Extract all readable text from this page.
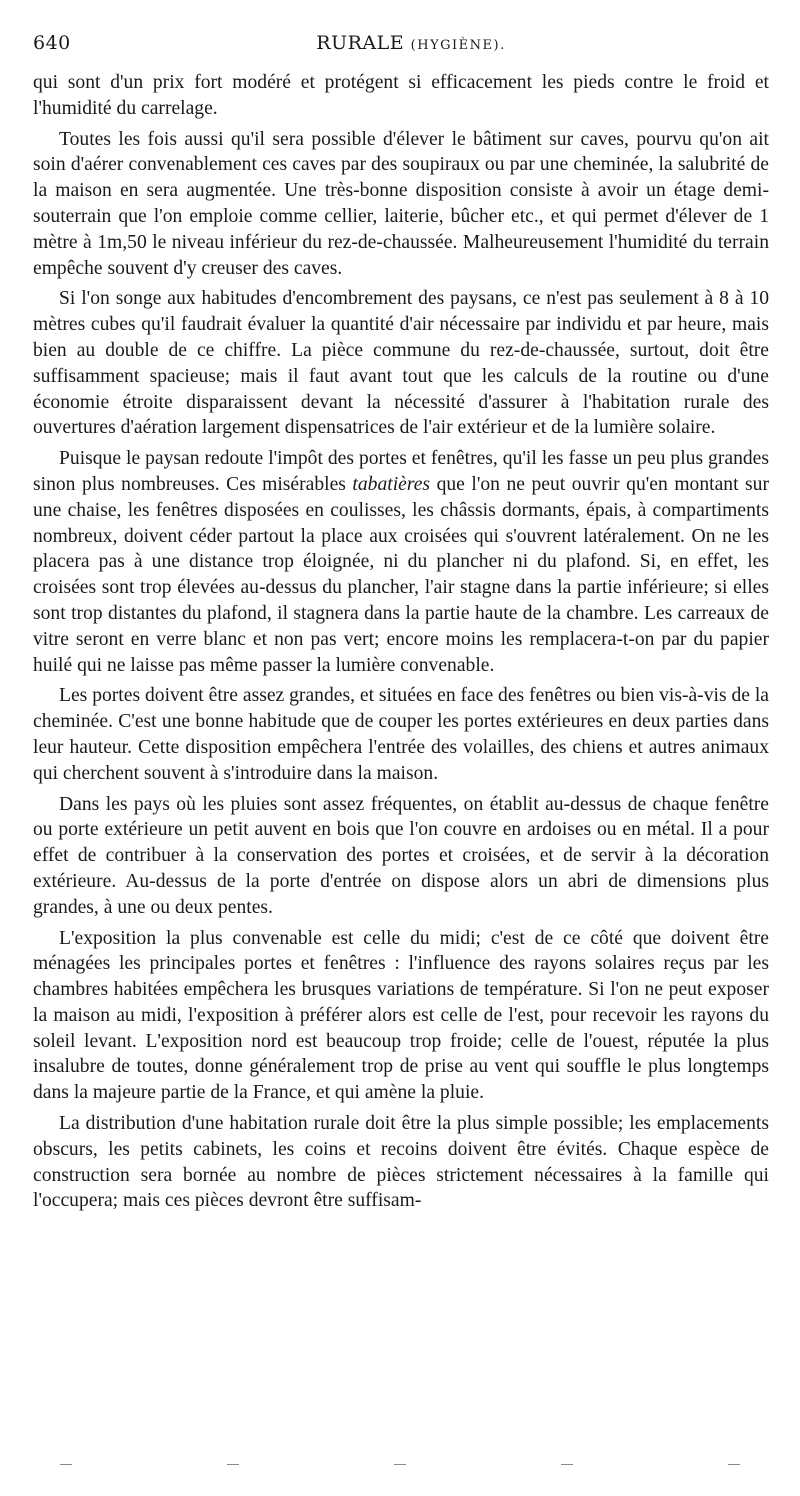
640	RURALE (HYGIÈNE).

qui sont d'un prix fort modéré et protégent si efficacement les pieds contre le froid et l'humidité du carrelage.

Toutes les fois aussi qu'il sera possible d'élever le bâtiment sur caves, pourvu qu'on ait soin d'aérer convenablement ces caves par des soupiraux ou par une cheminée, la salubrité de la maison en sera augmentée. Une très-bonne disposition consiste à avoir un étage demi-souterrain que l'on emploie comme cellier, laiterie, bûcher etc., et qui permet d'élever de 1 mètre à 1m,50 le niveau inférieur du rez-de-chaussée. Malheureusement l'humidité du terrain empêche souvent d'y creuser des caves.

Si l'on songe aux habitudes d'encombrement des paysans, ce n'est pas seulement à 8 à 10 mètres cubes qu'il faudrait évaluer la quantité d'air nécessaire par individu et par heure, mais bien au double de ce chiffre. La pièce commune du rez-de-chaussée, surtout, doit être suffisamment spacieuse; mais il faut avant tout que les calculs de la routine ou d'une économie étroite disparaissent devant la nécessité d'assurer à l'habitation rurale des ouvertures d'aération largement dispensatrices de l'air extérieur et de la lumière solaire.

Puisque le paysan redoute l'impôt des portes et fenêtres, qu'il les fasse un peu plus grandes sinon plus nombreuses. Ces misérables tabatières que l'on ne peut ouvrir qu'en montant sur une chaise, les fenêtres disposées en coulisses, les châssis dormants, épais, à compartiments nombreux, doivent céder partout la place aux croisées qui s'ouvrent latéralement. On ne les placera pas à une distance trop éloignée, ni du plancher ni du plafond. Si, en effet, les croisées sont trop élevées au-dessus du plancher, l'air stagne dans la partie inférieure; si elles sont trop distantes du plafond, il stagnera dans la partie haute de la chambre. Les carreaux de vitre seront en verre blanc et non pas vert; encore moins les remplacera-t-on par du papier huilé qui ne laisse pas même passer la lumière convenable.

Les portes doivent être assez grandes, et situées en face des fenêtres ou bien vis-à-vis de la cheminée. C'est une bonne habitude que de couper les portes extérieures en deux parties dans leur hauteur. Cette disposition empêchera l'entrée des volailles, des chiens et autres animaux qui cherchent souvent à s'introduire dans la maison.

Dans les pays où les pluies sont assez fréquentes, on établit au-dessus de chaque fenêtre ou porte extérieure un petit auvent en bois que l'on couvre en ardoises ou en métal. Il a pour effet de contribuer à la conservation des portes et croisées, et de servir à la décoration extérieure. Au-dessus de la porte d'entrée on dispose alors un abri de dimensions plus grandes, à une ou deux pentes.

L'exposition la plus convenable est celle du midi; c'est de ce côté que doivent être ménagées les principales portes et fenêtres : l'influence des rayons solaires reçus par les chambres habitées empêchera les brusques variations de température. Si l'on ne peut exposer la maison au midi, l'exposition à préférer alors est celle de l'est, pour recevoir les rayons du soleil levant. L'exposition nord est beaucoup trop froide; celle de l'ouest, réputée la plus insalubre de toutes, donne généralement trop de prise au vent qui souffle le plus longtemps dans la majeure partie de la France, et qui amène la pluie.

La distribution d'une habitation rurale doit être la plus simple possible; les emplacements obscurs, les petits cabinets, les coins et recoins doivent être évités. Chaque espèce de construction sera bornée au nombre de pièces strictement nécessaires à la famille qui l'occupera; mais ces pièces devront être suffisam-
